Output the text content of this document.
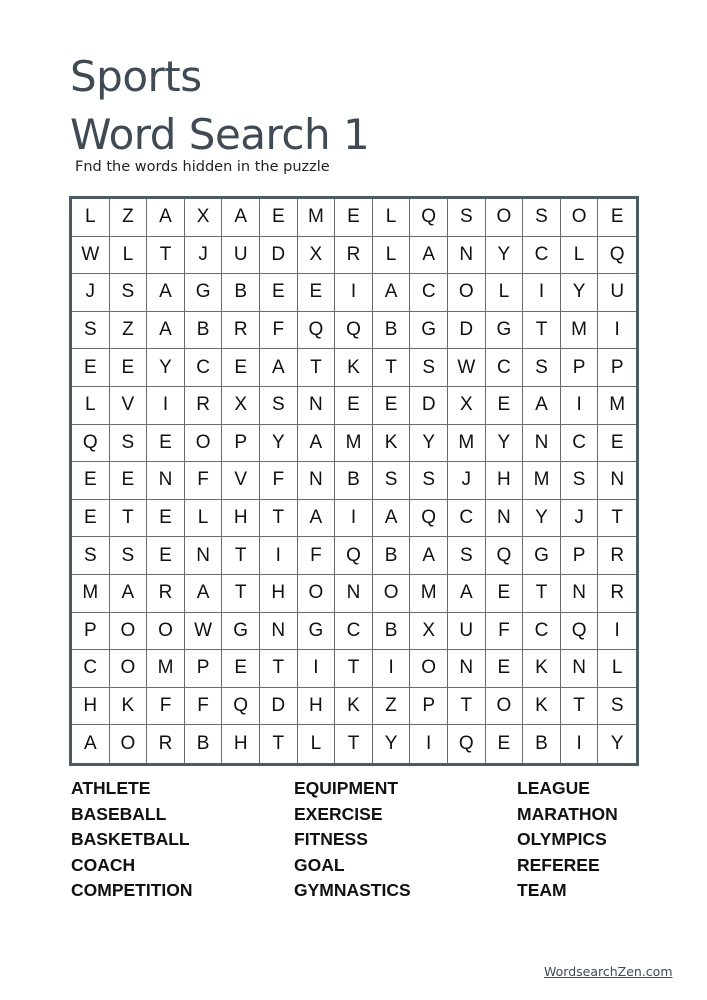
Sports
Word Search 1
Fnd the words hidden in the puzzle
L	Z	A	X	A	E	M	E	L	Q	S	O	S	O	E
W	L	T	J	U	D	X	R	L	A	N	Y	C	L	Q
J	S	A	G	B	E	E	I	A	C	O	L	I	Y	U
S	Z	A	B	R	F	Q	Q	B	G	D	G	T	M	I
E	E	Y	C	E	A	T	K	T	S	W	C	S	P	P
L	V	I	R	X	S	N	E	E	D	X	E	A	I	M
Q	S	E	O	P	Y	A	M	K	Y	M	Y	N	C	E
E	E	N	F	V	F	N	B	S	S	J	H	M	S	N
E	T	E	L	H	T	A	I	A	Q	C	N	Y	J	T
S	S	E	N	T	I	F	Q	B	A	S	Q	G	P	R
M	A	R	A	T	H	O	N	O	M	A	E	T	N	R
P	O	O	W	G	N	G	C	B	X	U	F	C	Q	I
C	O	M	P	E	T	I	T	I	O	N	E	K	N	L
H	K	F	F	Q	D	H	K	Z	P	T	O	K	T	S
A	O	R	B	H	T	L	T	Y	I	Q	E	B	I	Y
ATHLETE
BASEBALL
BASKETBALL
COACH
COMPETITION
EQUIPMENT
EXERCISE
FITNESS
GOAL
GYMNASTICS
LEAGUE
MARATHON
OLYMPICS
REFEREE
TEAM
WordsearchZen.com
